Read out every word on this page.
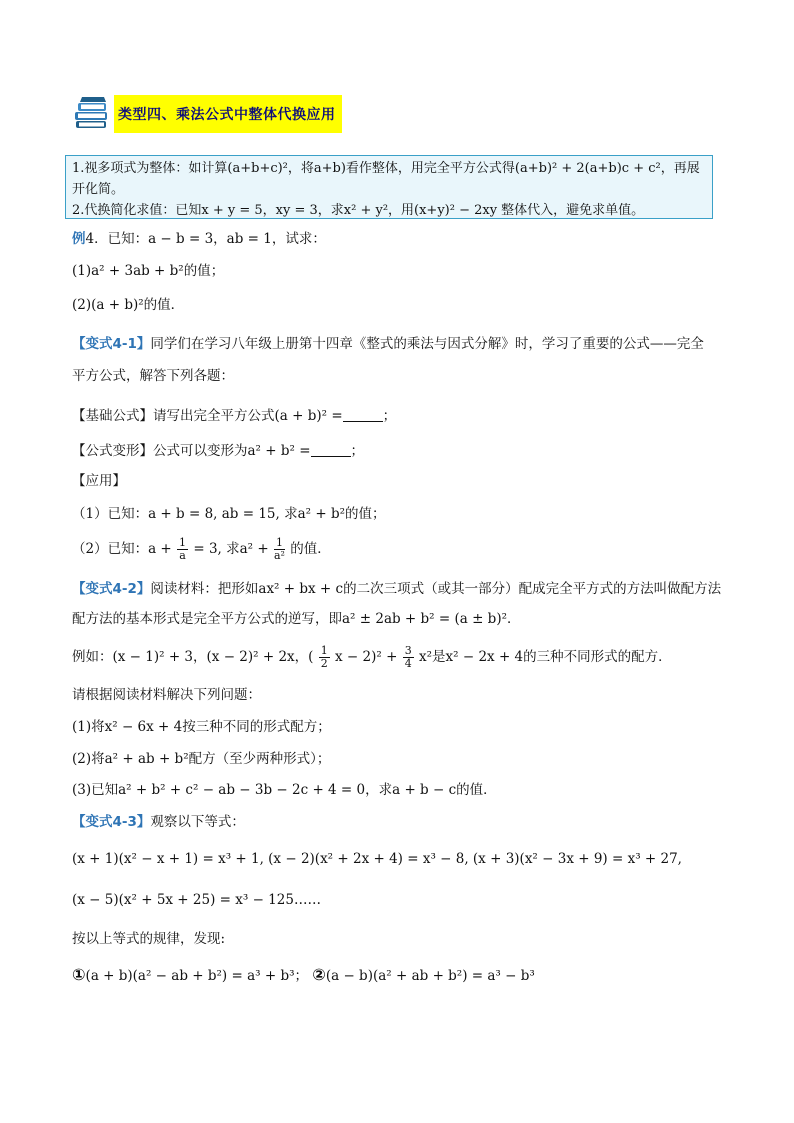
类型四、乘法公式中整体代换应用

1.视多项式为整体：如计算(a+b+c)²，将a+b)看作整体，用完全平方公式得(a+b)² + 2(a+b)c + c²，再展开化简。

2.代换简化求值：已知x + y = 5，xy = 3，求x² + y²，用(x+y)² − 2xy 整体代入，避免求单值。

例4．已知：a − b = 3，ab = 1，试求：
(1)a² + 3ab + b²的值；
(2)(a + b)²的值．
【变式4-1】同学们在学习八年级上册第十四章《整式的乘法与因式分解》时，学习了重要的公式——完全
平方公式，解答下列各题：
【基础公式】请写出完全平方公式(a + b)² =	；
【公式变形】公式可以变形为a² + b² =	；
【应用】
（1）已知：a + b = 8, ab = 15, 求a² + b²的值；
（2）已知：$a + \frac{1}{a} = 3$, 求$a^2 + \frac{1}{\text{a²}}$ 的值．
【变式4-2】阅读材料：把形如ax² + bx + c的二次三项式（或其一部分）配成完全平方式的方法叫做配方法
配方法的基本形式是完全平方公式的逆写，即a² ± 2ab + b² = (a ± b)²．
例如：(x − 1)² + 3，(x − 2)² + 2x，( $\frac{1}{2}$ $x - 2)^2 + \frac{3}{4} x^2$是x² − 2x + 4的三种不同形式的配方．
请根据阅读材料解决下列问题：
(1)将x² − 6x + 4按三种不同的形式配方；
(2)将a² + ab + b²配方（至少两种形式）；
(3)已知a² + b² + c² − ab − 3b − 2c + 4 = 0，求a + b − c的值．
【变式4-3】观察以下等式：
(x + 1)(x² − x + 1) = x³ + 1, (x − 2)(x² + 2x + 4) = x³ − 8, (x + 3)(x² − 3x + 9) = x³ + 27,
(x − 5)(x² + 5x + 25) = x³ − 125……
按以上等式的规律，发现:
①(a + b)(a² − ab + b²) = a³ + b³； ②(a − b)(a² + ab + b²) = a³ − b³
